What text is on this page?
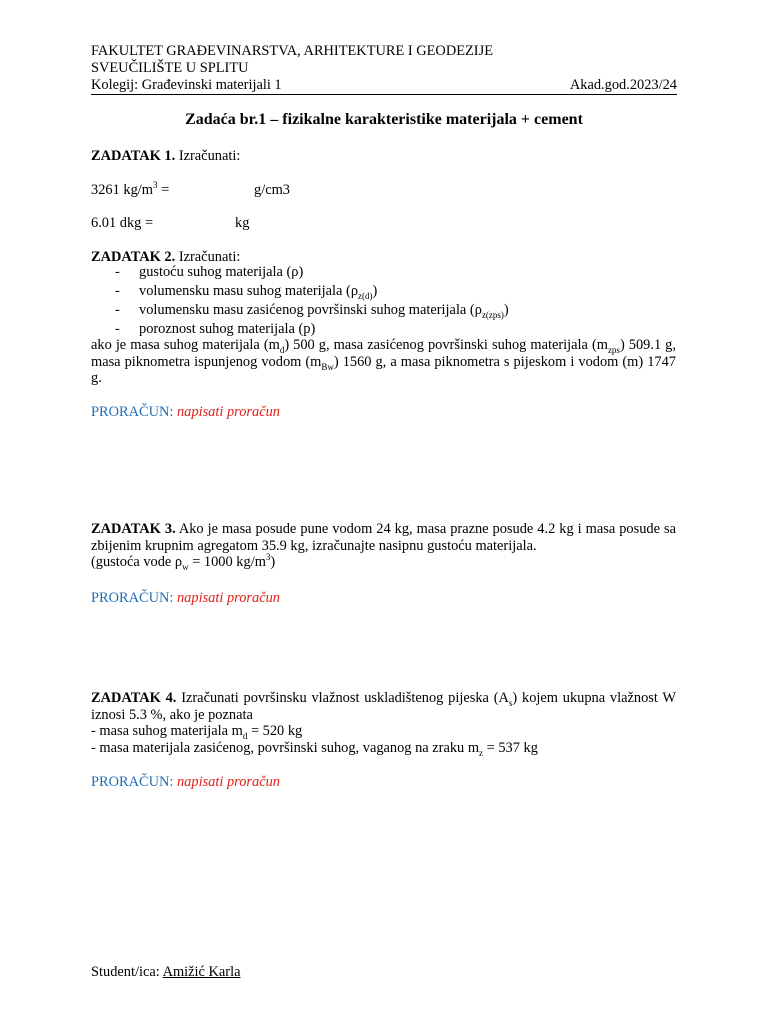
FAKULTET GRAĐEVINARSTVA, ARHITEKTURE I GEODEZIJE
SVEUČILIŠTE U SPLITU
Kolegij: Građevinski materijali 1	Akad.god.2023/24
Zadaća br.1 – fizikalne karakteristike materijala + cement
ZADATAK 1. Izračunati:
3261 $kg/m^3$ =	g/cm3
6.01 dkg =	kg
ZADATAK 2. Izračunati:
- gustoću suhog materijala (ρ)
- volumensku masu suhog materijala $(\rho_{z(d)})$
- volumensku masu zasićenog površinski suhog materijala $(\rho_{z(zps)})$
- poroznost suhog materijala (p)

ako je masa suhog materijala $(m_d)$ 500 g, masa zasićenog površinski suhog materijala $(m_{zps})$ 509.1 g, masa piknometra ispunjenog vodom $(m_{Bw})$ 1560 g, a masa piknometra s pijeskom i vodom (m) 1747 g.

PRORAČUN: napisati proračun

ZADATAK 3. Ako je masa posude pune vodom 24 kg, masa prazne posude 4.2 kg i masa posude sa zbijenim krupnim agregatom 35.9 kg, izračunajte nasipnu gustoću materijala.

(gustoća vode $\rho_w = 1000$ $kg/m^3$)

PRORAČUN: napisati proračun

ZADATAK 4. Izračunati površinsku vlažnost uskladištenog pijeska $(A_s)$ kojem ukupna vlažnost W iznosi 5.3 %, ako je poznata

- masa suhog materijala $m_d = 520$ kg

- masa materijala zasićenog, površinski suhog, vaganog na zraku $m_z = 537$ kg

PRORAČUN: napisati proračun
Student/ica: Amižić Karla
